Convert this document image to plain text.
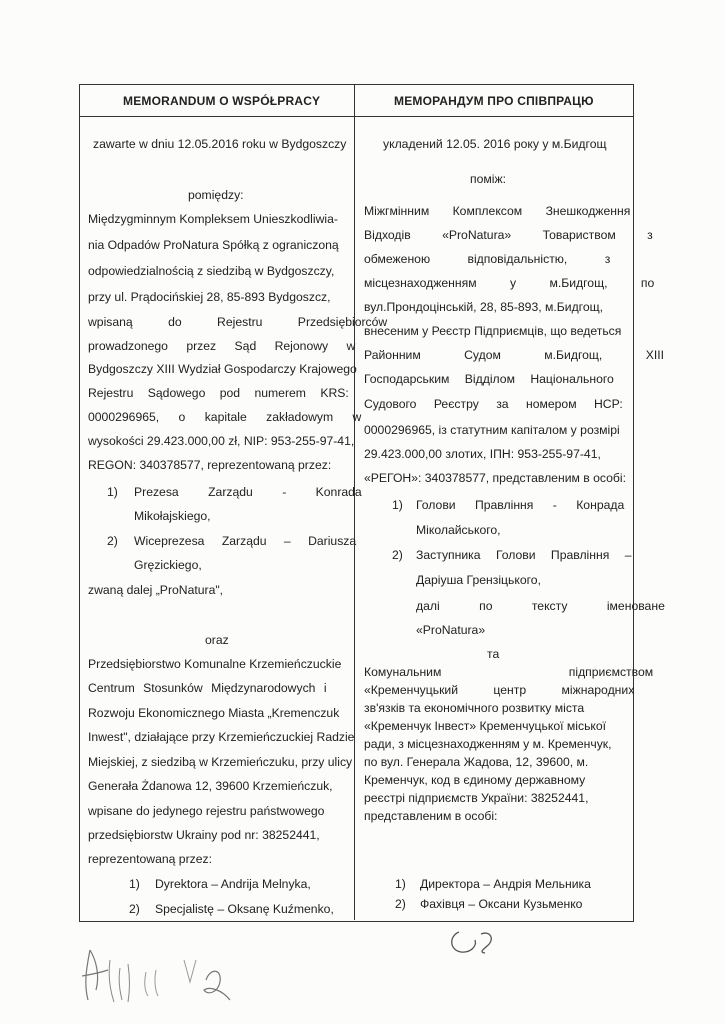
MEMORANDUM O WSPÓŁPRACY
zawarte w dniu 12.05.2016 roku w Bydgoszczy
pomiędzy:
Międzygminnym Kompleksem Unieszkodliwia-
nia Odpadów ProNatura Spółką z ograniczoną
odpowiedzialnością z siedzibą w Bydgoszczy,
przy ul. Prądocińskiej 28, 85-893 Bydgoszcz,
wpisaną do Rejestru Przedsiębiorców
prowadzonego przez Sąd Rejonowy w
Bydgoszczy XIII Wydział Gospodarczy Krajowego
Rejestru Sądowego pod numerem KRS:
0000296965, o kapitale zakładowym w
wysokości 29.423.000,00 zł, NIP: 953-255-97-41,
REGON: 340378577, reprezentowaną przez:
1) Prezesa Zarządu - Konrada
Mikołajskiego,
2) Wiceprezesa Zarządu – Dariusza
Gręzickiego,
zwaną dalej „ProNatura",
oraz
Przedsiębiorstwo Komunalne Krzemieńczuckie
Centrum Stosunków Międzynarodowych i
Rozwoju Ekonomicznego Miasta „Kremenczuk
Inwest", działające przy Krzemieńczuckiej Radzie
Miejskiej, z siedzibą w Krzemieńczuku, przy ulicy
Generała Żdanowa 12, 39600 Krzemieńczuk,
wpisane do jedynego rejestru państwowego
przedsiębiorstw Ukrainy pod nr: 38252441,
reprezentowaną przez:
1) Dyrektora – Andrija Melnyka,
2) Specjalistę – Oksanę Kuźmenko,
МЕМОРАНДУМ ПРО СПІВПРАЦЮ
укладений 12.05. 2016 року у м.Бидгощ
поміж:
Міжгмінним Комплексом Знешкодження
Відходів «ProNatura» Товариством з
обмеженою відповідальністю, з
місцезнаходженням у м.Бидгощ, по
вул.Прондоцінській, 28, 85-893, м.Бидгощ,
внесеним у Реєстр Підприємців, що ведеться
Районним Судом м.Бидгощ, XIII
Господарським Відділом Національного
Судового Реєстру за номером НСР:
0000296965, із статутним капіталом у розмірі
29.423.000,00 злотих, ІПН: 953-255-97-41,
«РЕГОН»: 340378577, представленим в особі:
1) Голови Правління - Конрада
Міколайського,
2) Заступника Голови Правління –
Даріуша Грензіцького,
далі по тексту іменоване
«ProNatura»
та
Комунальним підприємством
«Кременчуцький центр міжнародних
зв'язків та економічного розвитку міста
«Кременчук Інвест» Кременчуцької міської
ради, з місцезнаходженням у м. Кременчук,
по вул. Генерала Жадова, 12, 39600, м.
Кременчук, код в єдиному державному
реєстрі підприємств України: 38252441,
представленим в особі:
1) Директора – Андрія Мельника
2) Фахівця – Оксани Кузьменко
